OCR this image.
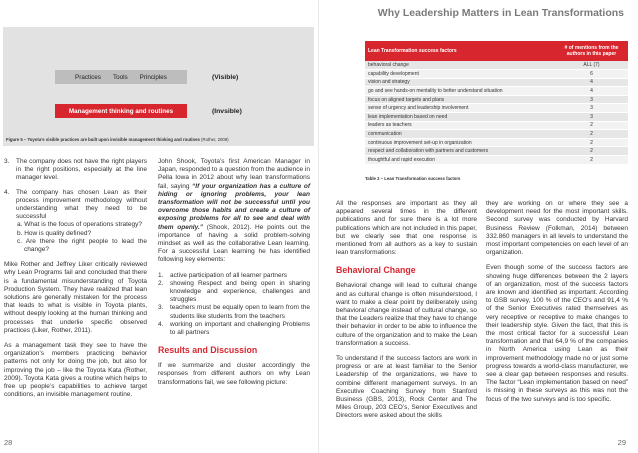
Practices Tools Principles	(Visible)
Management thinking and routines	(Invsible)
Figure 5 – Toyota’s visible practices are built upon invisible management thinking and routines (Rother, 2009)
3.	The company does not have the right players in the right positions, especially at the line manager level.
4.	The company has chosen Lean as their process improvement methodology without understanding what they need to be successful
a. What is the focus of operations strategy?
b. How is quality defined?
c. Are there the right people to lead the change?

Mike Rother and Jeffrey Liker critically reviewed why Lean Programs fail and concluded that there is a fundamental misunderstanding of Toyota Production System. They have realized that lean solutions are generally mistaken for the process that leads to what is visible in Toyota plants, without deeply looking at the human thinking and processes that underlie specific observed practices (Liker, Rother, 2011).

As a management task they see to have the organization’s members practicing behavior patterns not only for doing the job, but also for improving the job – like the Toyota Kata (Rother, 2009). Toyota Kata gives a routine which helps to free up people’s capabilities to achieve target conditions, an invisible management routine.

John Shook, Toyota’s first American Manager in Japan, responded to a question from the audience in Pella Iowa in 2012 about why lean transformations fail, saying “If your organization has a culture of hiding or ignoring problems, your lean transformation will not be successful until you overcome those habits and create a culture of exposing problems for all to see and deal with them openly.” (Shook, 2012). He points out the importance of having a solid problem-solving mindset as well as the collaborative Lean learning. For a successful Lean learning he has identified following key elements:

1.	active participation of all learner partners
2.	showing Respect and being open in sharing knowledge and experience, challenges and struggles
3.	teachers must be equally open to learn from the students like students from the teachers
4.	working on important and challenging Problems to all partners
Results and Discussion

If we summarize and cluster accordingly the responses from different authors on why Lean transformations fail, we see following picture:

28
Why Leadership Matters in Lean Transformations
Lean Transformation success factors	# of mentions from the authors in this paper
behavioral change	ALL (7)
capability development	6
vision and strategy	4
go and see hands-on mentality to better understand situation	4
focus on aligned targets and plans	3
sense of urgency and leadership involvement	3
lean implementation based on need	3
leaders as teachers	2
communication	2
continuous improvement set-up in organization	2
respect and collaboration with partners and customers	2
thoughtful and rapid execution	2
Table 2 – Lean Transformation success factors

All the responses are important as they all appeared several times in the different publications and for sure there is a lot more publications which are not included in this paper, but we clearly see that one response is mentioned from all authors as a key to sustain lean transformations:

Behavioral Change

Behavioral change will lead to cultural change and as cultural change is often misunderstood, I want to make a clear point by deliberately using behavioral change instead of cultural change, so that the Leaders realize that they have to change their behavior in order to be able to influence the culture of the organization and to make the Lean transformation a success.

To understand if the success factors are work in progress or are at least familiar to the Senior Leadership of the organizations, we have to combine different management surveys. In an Executive Coaching Survey from Stanford Business (GBS, 2013), Rock Center and The Miles Group, 203 CEO’s, Senior Executives and Directors were asked about the skills

they are working on or where they see a development need for the most important skills. Second survey was conducted by Harvard Business Review (Folkman, 2014) between 332.860 managers in all levels to understand the most important competencies on each level of an organization.

Even though some of the success factors are showing huge differences between the 2 layers of an organization, most of the success factors are known and identified as important. According to GSB survey, 100 % of the CEO’s and 91,4 % of the Senior Executives rated themselves as very receptive or receptive to make changes to their leadership style. Given the fact, that this is the most critical factor for a successful Lean transformation and that 64,9 % of the companies in North America using Lean as their improvement methodology made no or just some progress towards a world-class manufacturer, we see a clear gap between responses and results. The factor “Lean implementation based on need” is missing in these surveys as this was not the focus of the two surveys and is too specific.

29
